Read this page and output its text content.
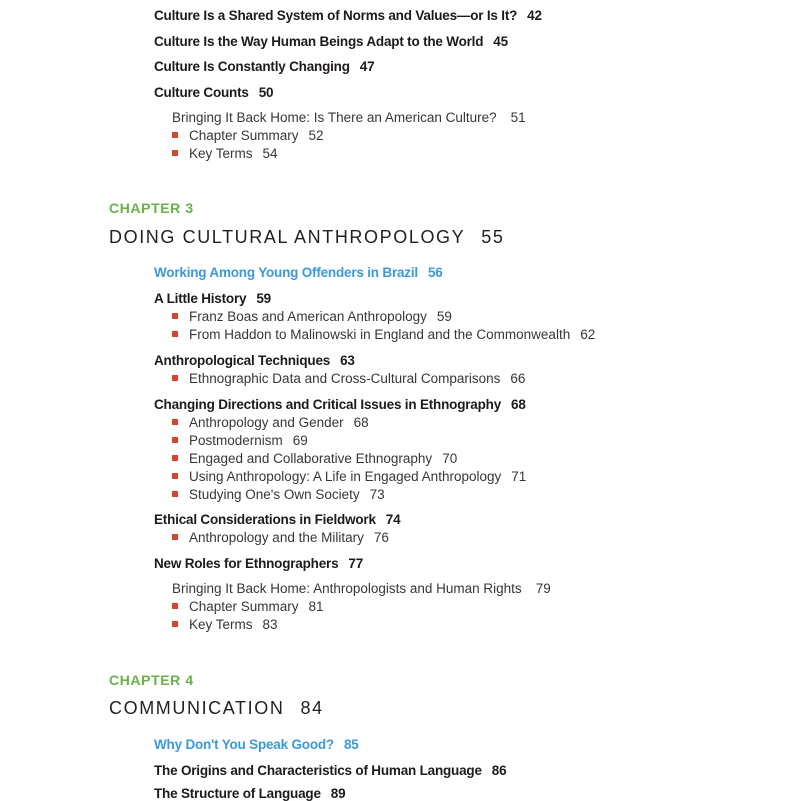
Culture Is a Shared System of Norms and Values—or Is It? 42
Culture Is the Way Human Beings Adapt to the World 45
Culture Is Constantly Changing 47
Culture Counts 50
Bringing It Back Home: Is There an American Culture? 51
Chapter Summary 52
Key Terms 54
CHAPTER 3
DOING CULTURAL ANTHROPOLOGY 55
Working Among Young Offenders in Brazil 56
A Little History 59
Franz Boas and American Anthropology 59
From Haddon to Malinowski in England and the Commonwealth 62
Anthropological Techniques 63
Ethnographic Data and Cross-Cultural Comparisons 66
Changing Directions and Critical Issues in Ethnography 68
Anthropology and Gender 68
Postmodernism 69
Engaged and Collaborative Ethnography 70
Using Anthropology: A Life in Engaged Anthropology 71
Studying One's Own Society 73
Ethical Considerations in Fieldwork 74
Anthropology and the Military 76
New Roles for Ethnographers 77
Bringing It Back Home: Anthropologists and Human Rights 79
Chapter Summary 81
Key Terms 83
CHAPTER 4
COMMUNICATION 84
Why Don't You Speak Good? 85
The Origins and Characteristics of Human Language 86
The Structure of Language 89
